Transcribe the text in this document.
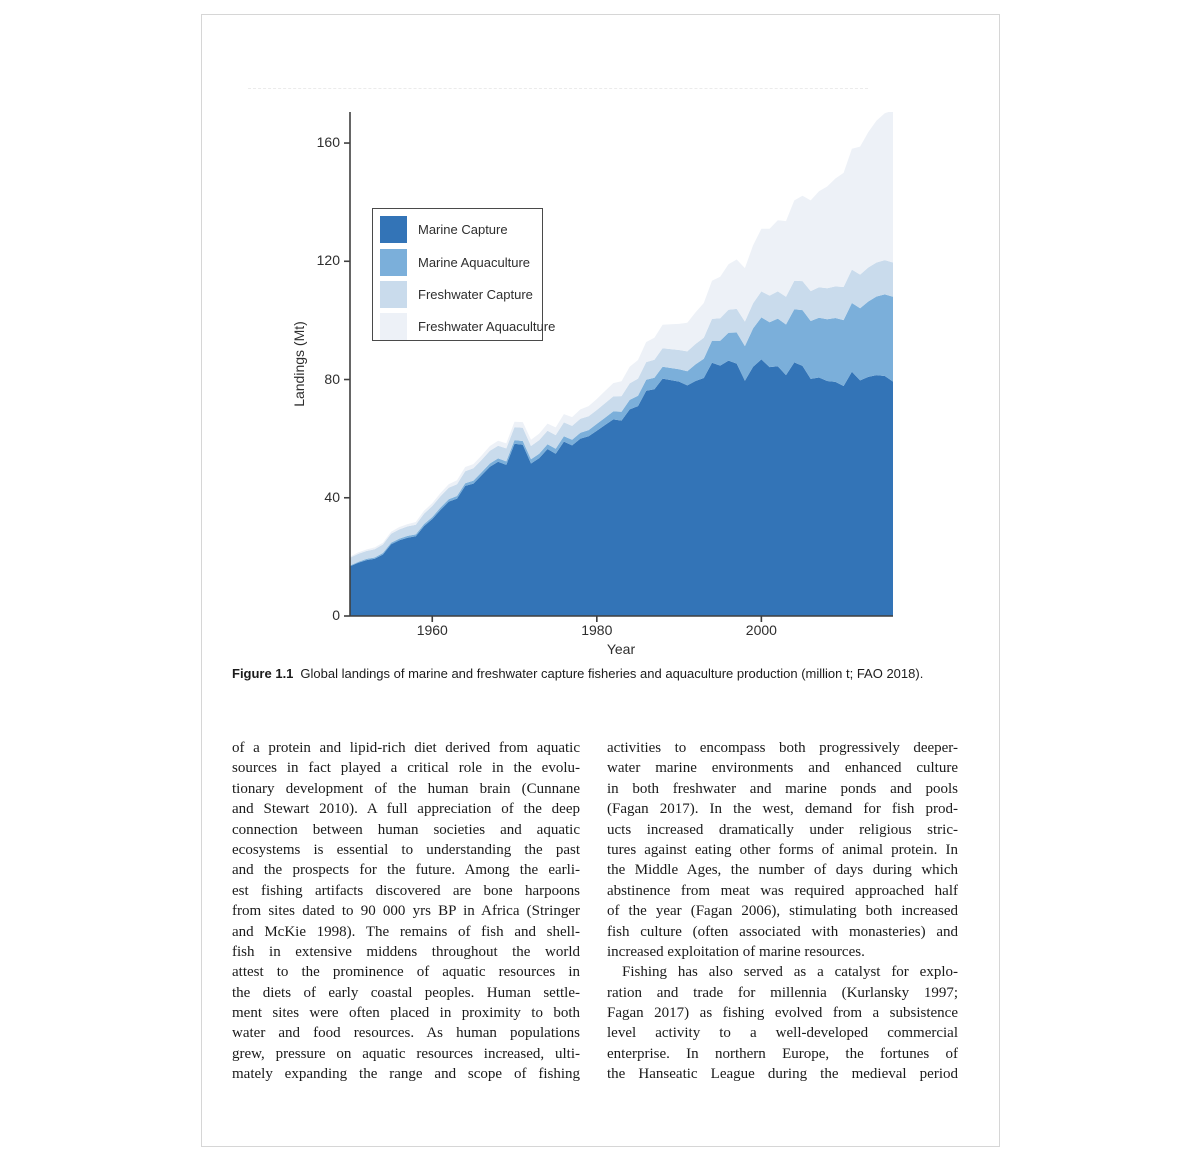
0
40
80
120
160
1960	1980	2000
Landings (Mt)
Year
Marine Capture
Marine Aquaculture
Freshwater Capture
Freshwater Aquaculture
Figure 1.1 Global landings of marine and freshwater capture fisheries and aquaculture production (million t; FAO 2018).
of a protein and lipid-rich diet derived from aquatic
sources in fact played a critical role in the evolu-
tionary development of the human brain (Cunnane
and Stewart 2010). A full appreciation of the deep
connection between human societies and aquatic
ecosystems is essential to understanding the past
and the prospects for the future. Among the earli-
est fishing artifacts discovered are bone harpoons
from sites dated to 90 000 yrs BP in Africa (Stringer
and McKie 1998). The remains of fish and shell-
fish in extensive middens throughout the world
attest to the prominence of aquatic resources in
the diets of early coastal peoples. Human settle-
ment sites were often placed in proximity to both
water and food resources. As human populations
grew, pressure on aquatic resources increased, ulti-
mately expanding the range and scope of fishing
activities to encompass both progressively deeper-
water marine environments and enhanced culture
in both freshwater and marine ponds and pools
(Fagan 2017). In the west, demand for fish prod-
ucts increased dramatically under religious stric-
tures against eating other forms of animal protein. In
the Middle Ages, the number of days during which
abstinence from meat was required approached half
of the year (Fagan 2006), stimulating both increased
fish culture (often associated with monasteries) and
increased exploitation of marine resources.
Fishing has also served as a catalyst for explo-
ration and trade for millennia (Kurlansky 1997;
Fagan 2017) as fishing evolved from a subsistence
level activity to a well-developed commercial
enterprise. In northern Europe, the fortunes of
the Hanseatic League during the medieval period
